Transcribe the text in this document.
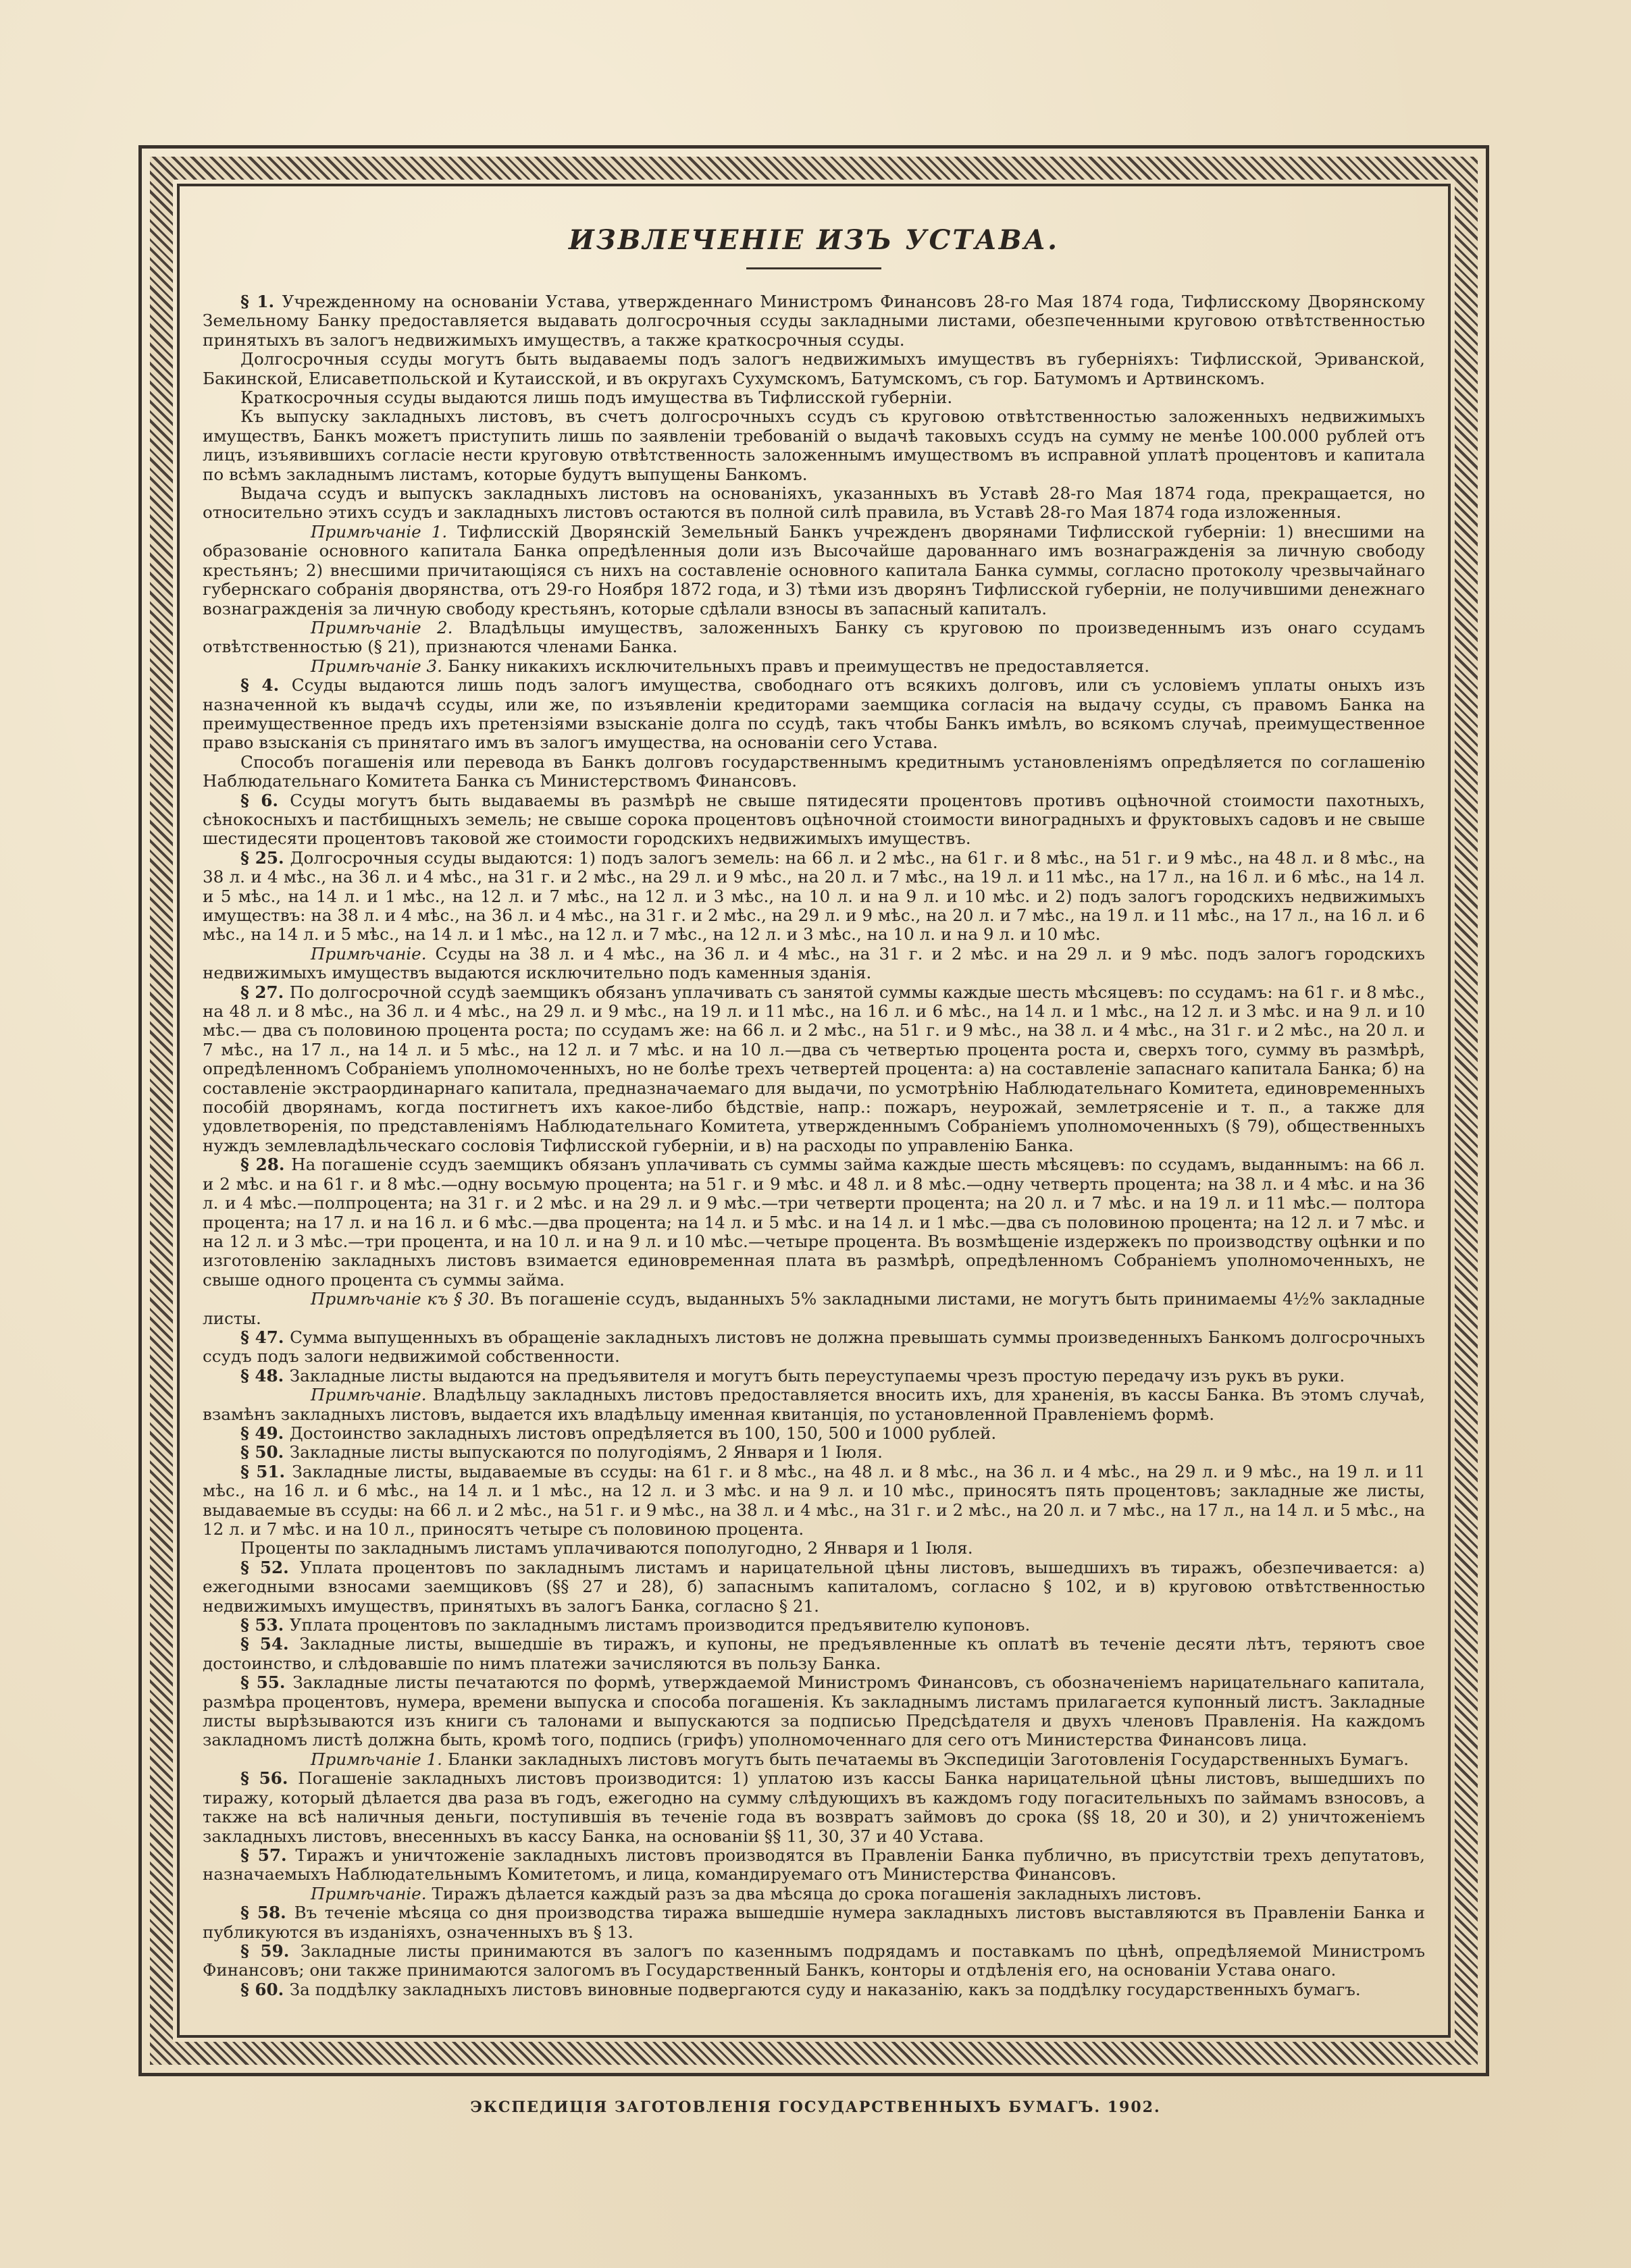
ИЗВЛЕЧЕНІЕ ИЗЪ УСТАВА.

§ 1. Учрежденному на основаніи Устава, утвержденнаго Министромъ Финансовъ 28-го Мая 1874 года, Тифлисскому Дворянскому Земельному Банку предоставляется выдавать долгосрочныя ссуды закладными листами, обезпеченными круговою отвѣтственностью принятыхъ въ залогъ недвижимыхъ имуществъ, а также краткосрочныя ссуды.

Долгосрочныя ссуды могутъ быть выдаваемы подъ залогъ недвижимыхъ имуществъ въ губерніяхъ: Тифлисской, Эриванской, Бакинской, Елисаветпольской и Кутаисской, и въ округахъ Сухумскомъ, Батумскомъ, съ гор. Батумомъ и Артвинскомъ.

Краткосрочныя ссуды выдаются лишь подъ имущества въ Тифлисской губерніи.

Къ выпуску закладныхъ листовъ, въ счетъ долгосрочныхъ ссудъ съ круговою отвѣтственностью заложенныхъ недвижимыхъ имуществъ, Банкъ можетъ приступить лишь по заявленіи требованій о выдачѣ таковыхъ ссудъ на сумму не менѣе 100.000 рублей отъ лицъ, изъявившихъ согласіе нести круговую отвѣтственность заложеннымъ имуществомъ въ исправной уплатѣ процентовъ и капитала по всѣмъ закладнымъ листамъ, которые будутъ выпущены Банкомъ.

Выдача ссудъ и выпускъ закладныхъ листовъ на основаніяхъ, указанныхъ въ Уставѣ 28-го Мая 1874 года, прекращается, но относительно этихъ ссудъ и закладныхъ листовъ остаются въ полной силѣ правила, въ Уставѣ 28-го Мая 1874 года изложенныя.

Примѣчаніе 1. Тифлисскій Дворянскій Земельный Банкъ учрежденъ дворянами Тифлисской губерніи: 1) внесшими на образованіе основного капитала Банка опредѣленныя доли изъ Высочайше дарованнаго имъ вознагражденія за личную свободу крестьянъ; 2) внесшими причитающіяся съ нихъ на составленіе основного капитала Банка суммы, согласно протоколу чрезвычайнаго губернскаго собранія дворянства, отъ 29-го Ноября 1872 года, и 3) тѣми изъ дворянъ Тифлисской губерніи, не получившими денежнаго вознагражденія за личную свободу крестьянъ, которые сдѣлали взносы въ запасный капиталъ.

Примѣчаніе 2. Владѣльцы имуществъ, заложенныхъ Банку съ круговою по произведеннымъ изъ онаго ссудамъ отвѣтственностью (§ 21), признаются членами Банка.

Примѣчаніе 3. Банку никакихъ исключительныхъ правъ и преимуществъ не предоставляется.

§ 4. Ссуды выдаются лишь подъ залогъ имущества, свободнаго отъ всякихъ долговъ, или съ условіемъ уплаты оныхъ изъ назначенной къ выдачѣ ссуды, или же, по изъявленіи кредиторами заемщика согласія на выдачу ссуды, съ правомъ Банка на преимущественное предъ ихъ претензіями взысканіе долга по ссудѣ, такъ чтобы Банкъ имѣлъ, во всякомъ случаѣ, преимущественное право взысканія съ принятаго имъ въ залогъ имущества, на основаніи сего Устава.

Способъ погашенія или перевода въ Банкъ долговъ государственнымъ кредитнымъ установленіямъ опредѣляется по соглашенію Наблюдательнаго Комитета Банка съ Министерствомъ Финансовъ.

§ 6. Ссуды могутъ быть выдаваемы въ размѣрѣ не свыше пятидесяти процентовъ противъ оцѣночной стоимости пахотныхъ, сѣнокосныхъ и пастбищныхъ земель; не свыше сорока процентовъ оцѣночной стоимости виноградныхъ и фруктовыхъ садовъ и не свыше шестидесяти процентовъ таковой же стоимости городскихъ недвижимыхъ имуществъ.

§ 25. Долгосрочныя ссуды выдаются: 1) подъ залогъ земель: на 66 л. и 2 мѣс., на 61 г. и 8 мѣс., на 51 г. и 9 мѣс., на 48 л. и 8 мѣс., на 38 л. и 4 мѣс., на 36 л. и 4 мѣс., на 31 г. и 2 мѣс., на 29 л. и 9 мѣс., на 20 л. и 7 мѣс., на 19 л. и 11 мѣс., на 17 л., на 16 л. и 6 мѣс., на 14 л. и 5 мѣс., на 14 л. и 1 мѣс., на 12 л. и 7 мѣс., на 12 л. и 3 мѣс., на 10 л. и на 9 л. и 10 мѣс. и 2) подъ залогъ городскихъ недвижимыхъ имуществъ: на 38 л. и 4 мѣс., на 36 л. и 4 мѣс., на 31 г. и 2 мѣс., на 29 л. и 9 мѣс., на 20 л. и 7 мѣс., на 19 л. и 11 мѣс., на 17 л., на 16 л. и 6 мѣс., на 14 л. и 5 мѣс., на 14 л. и 1 мѣс., на 12 л. и 7 мѣс., на 12 л. и 3 мѣс., на 10 л. и на 9 л. и 10 мѣс.

Примѣчаніе. Ссуды на 38 л. и 4 мѣс., на 36 л. и 4 мѣс., на 31 г. и 2 мѣс. и на 29 л. и 9 мѣс. подъ залогъ городскихъ недвижимыхъ имуществъ выдаются исключительно подъ каменныя зданія.

§ 27. По долгосрочной ссудѣ заемщикъ обязанъ уплачивать съ занятой суммы каждые шесть мѣсяцевъ: по ссудамъ: на 61 г. и 8 мѣс., на 48 л. и 8 мѣс., на 36 л. и 4 мѣс., на 29 л. и 9 мѣс., на 19 л. и 11 мѣс., на 16 л. и 6 мѣс., на 14 л. и 1 мѣс., на 12 л. и 3 мѣс. и на 9 л. и 10 мѣс.— два съ половиною процента роста; по ссудамъ же: на 66 л. и 2 мѣс., на 51 г. и 9 мѣс., на 38 л. и 4 мѣс., на 31 г. и 2 мѣс., на 20 л. и 7 мѣс., на 17 л., на 14 л. и 5 мѣс., на 12 л. и 7 мѣс. и на 10 л.—два съ четвертью процента роста и, сверхъ того, сумму въ размѣрѣ, опредѣленномъ Собраніемъ уполномоченныхъ, но не болѣе трехъ четвертей процента: а) на составленіе запаснаго капитала Банка; б) на составленіе экстраординарнаго капитала, предназначаемаго для выдачи, по усмотрѣнію Наблюдательнаго Комитета, единовременныхъ пособій дворянамъ, когда постигнетъ ихъ какое-либо бѣдствіе, напр.: пожаръ, неурожай, землетрясеніе и т. п., а также для удовлетворенія, по представленіямъ Наблюдательнаго Комитета, утвержденнымъ Собраніемъ уполномоченныхъ (§ 79), общественныхъ нуждъ землевладѣльческаго сословія Тифлисской губерніи, и в) на расходы по управленію Банка.

§ 28. На погашеніе ссудъ заемщикъ обязанъ уплачивать съ суммы займа каждые шесть мѣсяцевъ: по ссудамъ, выданнымъ: на 66 л. и 2 мѣс. и на 61 г. и 8 мѣс.—одну восьмую процента; на 51 г. и 9 мѣс. и 48 л. и 8 мѣс.—одну четверть процента; на 38 л. и 4 мѣс. и на 36 л. и 4 мѣс.—полпроцента; на 31 г. и 2 мѣс. и на 29 л. и 9 мѣс.—три четверти процента; на 20 л. и 7 мѣс. и на 19 л. и 11 мѣс.— полтора процента; на 17 л. и на 16 л. и 6 мѣс.—два процента; на 14 л. и 5 мѣс. и на 14 л. и 1 мѣс.—два съ половиною процента; на 12 л. и 7 мѣс. и на 12 л. и 3 мѣс.—три процента, и на 10 л. и на 9 л. и 10 мѣс.—четыре процента. Въ возмѣщеніе издержекъ по производству оцѣнки и по изготовленію закладныхъ листовъ взимается единовременная плата въ размѣрѣ, опредѣленномъ Собраніемъ уполномоченныхъ, не свыше одного процента съ суммы займа.

Примѣчаніе къ § 30. Въ погашеніе ссудъ, выданныхъ 5% закладными листами, не могутъ быть принимаемы 4½% закладные листы.

§ 47. Сумма выпущенныхъ въ обращеніе закладныхъ листовъ не должна превышать суммы произведенныхъ Банкомъ долгосрочныхъ ссудъ подъ залоги недвижимой собственности.

§ 48. Закладные листы выдаются на предъявителя и могутъ быть переуступаемы чрезъ простую передачу изъ рукъ въ руки.

Примѣчаніе. Владѣльцу закладныхъ листовъ предоставляется вносить ихъ, для храненія, въ кассы Банка. Въ этомъ случаѣ, взамѣнъ закладныхъ листовъ, выдается ихъ владѣльцу именная квитанція, по установленной Правленіемъ формѣ.

§ 49. Достоинство закладныхъ листовъ опредѣляется въ 100, 150, 500 и 1000 рублей.

§ 50. Закладные листы выпускаются по полугодіямъ, 2 Января и 1 Іюля.

§ 51. Закладные листы, выдаваемые въ ссуды: на 61 г. и 8 мѣс., на 48 л. и 8 мѣс., на 36 л. и 4 мѣс., на 29 л. и 9 мѣс., на 19 л. и 11 мѣс., на 16 л. и 6 мѣс., на 14 л. и 1 мѣс., на 12 л. и 3 мѣс. и на 9 л. и 10 мѣс., приносятъ пять процентовъ; закладные же листы, выдаваемые въ ссуды: на 66 л. и 2 мѣс., на 51 г. и 9 мѣс., на 38 л. и 4 мѣс., на 31 г. и 2 мѣс., на 20 л. и 7 мѣс., на 17 л., на 14 л. и 5 мѣс., на 12 л. и 7 мѣс. и на 10 л., приносятъ четыре съ половиною процента.

Проценты по закладнымъ листамъ уплачиваются пополугодно, 2 Января и 1 Іюля.

§ 52. Уплата процентовъ по закладнымъ листамъ и нарицательной цѣны листовъ, вышедшихъ въ тиражъ, обезпечивается: а) ежегодными взносами заемщиковъ (§§ 27 и 28), б) запаснымъ капиталомъ, согласно § 102, и в) круговою отвѣтственностью недвижимыхъ имуществъ, принятыхъ въ залогъ Банка, согласно § 21.

§ 53. Уплата процентовъ по закладнымъ листамъ производится предъявителю купоновъ.

§ 54. Закладные листы, вышедшіе въ тиражъ, и купоны, не предъявленные къ оплатѣ въ теченіе десяти лѣтъ, теряютъ свое достоинство, и слѣдовавшіе по нимъ платежи зачисляются въ пользу Банка.

§ 55. Закладные листы печатаются по формѣ, утверждаемой Министромъ Финансовъ, съ обозначеніемъ нарицательнаго капитала, размѣра процентовъ, нумера, времени выпуска и способа погашенія. Къ закладнымъ листамъ прилагается купонный листъ. Закладные листы вырѣзываются изъ книги съ талонами и выпускаются за подписью Предсѣдателя и двухъ членовъ Правленія. На каждомъ закладномъ листѣ должна быть, кромѣ того, подпись (грифъ) уполномоченнаго для сего отъ Министерства Финансовъ лица.

Примѣчаніе 1. Бланки закладныхъ листовъ могутъ быть печатаемы въ Экспедиціи Заготовленія Государственныхъ Бумагъ.

§ 56. Погашеніе закладныхъ листовъ производится: 1) уплатою изъ кассы Банка нарицательной цѣны листовъ, вышедшихъ по тиражу, который дѣлается два раза въ годъ, ежегодно на сумму слѣдующихъ въ каждомъ году погасительныхъ по займамъ взносовъ, а также на всѣ наличныя деньги, поступившія въ теченіе года въ возвратъ займовъ до срока (§§ 18, 20 и 30), и 2) уничтоженіемъ закладныхъ листовъ, внесенныхъ въ кассу Банка, на основаніи §§ 11, 30, 37 и 40 Устава.

§ 57. Тиражъ и уничтоженіе закладныхъ листовъ производятся въ Правленіи Банка публично, въ присутствіи трехъ депутатовъ, назначаемыхъ Наблюдательнымъ Комитетомъ, и лица, командируемаго отъ Министерства Финансовъ.

Примѣчаніе. Тиражъ дѣлается каждый разъ за два мѣсяца до срока погашенія закладныхъ листовъ.

§ 58. Въ теченіе мѣсяца со дня производства тиража вышедшіе нумера закладныхъ листовъ выставляются въ Правленіи Банка и публикуются въ изданіяхъ, означенныхъ въ § 13.

§ 59. Закладные листы принимаются въ залогъ по казеннымъ подрядамъ и поставкамъ по цѣнѣ, опредѣляемой Министромъ Финансовъ; они также принимаются залогомъ въ Государственный Банкъ, конторы и отдѣленія его, на основаніи Устава онаго.

§ 60. За поддѣлку закладныхъ листовъ виновные подвергаются суду и наказанію, какъ за поддѣлку государственныхъ бумагъ.

ЭКСПЕДИЦІЯ ЗАГОТОВЛЕНІЯ ГОСУДАРСТВЕННЫХЪ БУМАГЪ. 1902.
